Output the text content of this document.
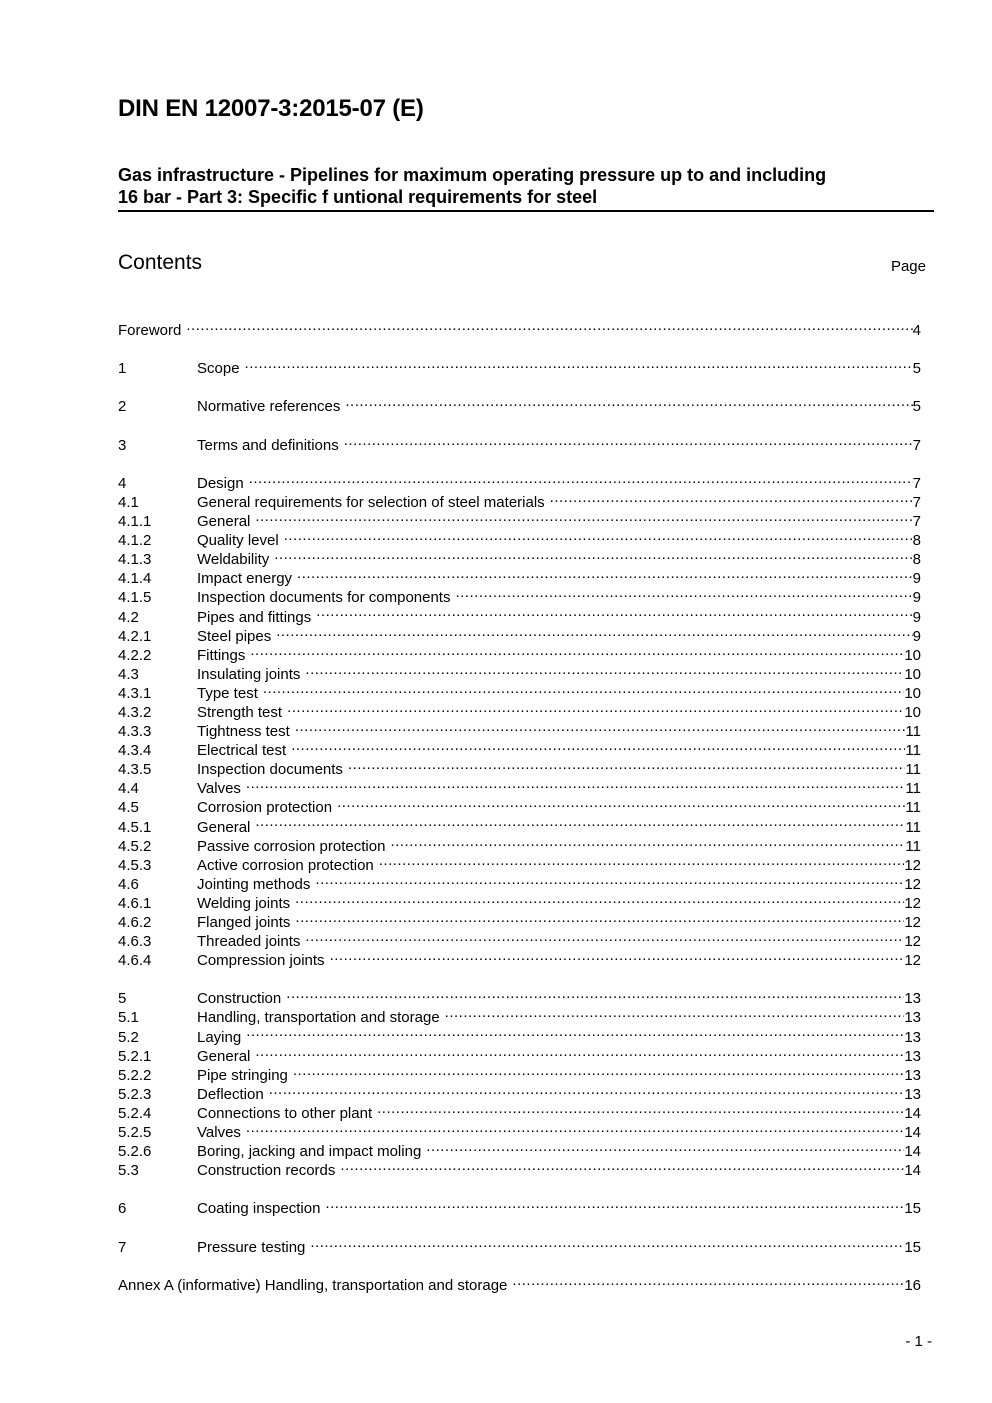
DIN EN 12007-3:2015-07 (E)
Gas infrastructure - Pipelines for maximum operating pressure up to and including
16 bar - Part 3: Specific f untional requirements for steel
Contents	Page
Foreword .....	4
1	Scope .....	5
2	Normative references .....	5
3	Terms and definitions .....	7
4	Design .....	7
4.1	General requirements for selection of steel materials .....	7
4.1.1	General .....	7
4.1.2	Quality level .....	8
4.1.3	Weldability .....	8
4.1.4	Impact energy .....	9
4.1.5	Inspection documents for components .....	9
4.2	Pipes and fittings .....	9
4.2.1	Steel pipes .....	9
4.2.2	Fittings .....	10
4.3	Insulating joints .....	10
4.3.1	Type test .....	10
4.3.2	Strength test .....	10
4.3.3	Tightness test .....	11
4.3.4	Electrical test .....	11
4.3.5	Inspection documents .....	11
4.4	Valves .....	11
4.5	Corrosion protection .....	11
4.5.1	General .....	11
4.5.2	Passive corrosion protection .....	11
4.5.3	Active corrosion protection .....	12
4.6	Jointing methods .....	12
4.6.1	Welding joints .....	12
4.6.2	Flanged joints .....	12
4.6.3	Threaded joints .....	12
4.6.4	Compression joints .....	12
5	Construction .....	13
5.1	Handling, transportation and storage .....	13
5.2	Laying .....	13
5.2.1	General .....	13
5.2.2	Pipe stringing .....	13
5.2.3	Deflection .....	13
5.2.4	Connections to other plant .....	14
5.2.5	Valves .....	14
5.2.6	Boring, jacking and impact moling .....	14
5.3	Construction records .....	14
6	Coating inspection .....	15
7	Pressure testing .....	15
Annex A (informative) Handling, transportation and storage .....	16
- 1 -
